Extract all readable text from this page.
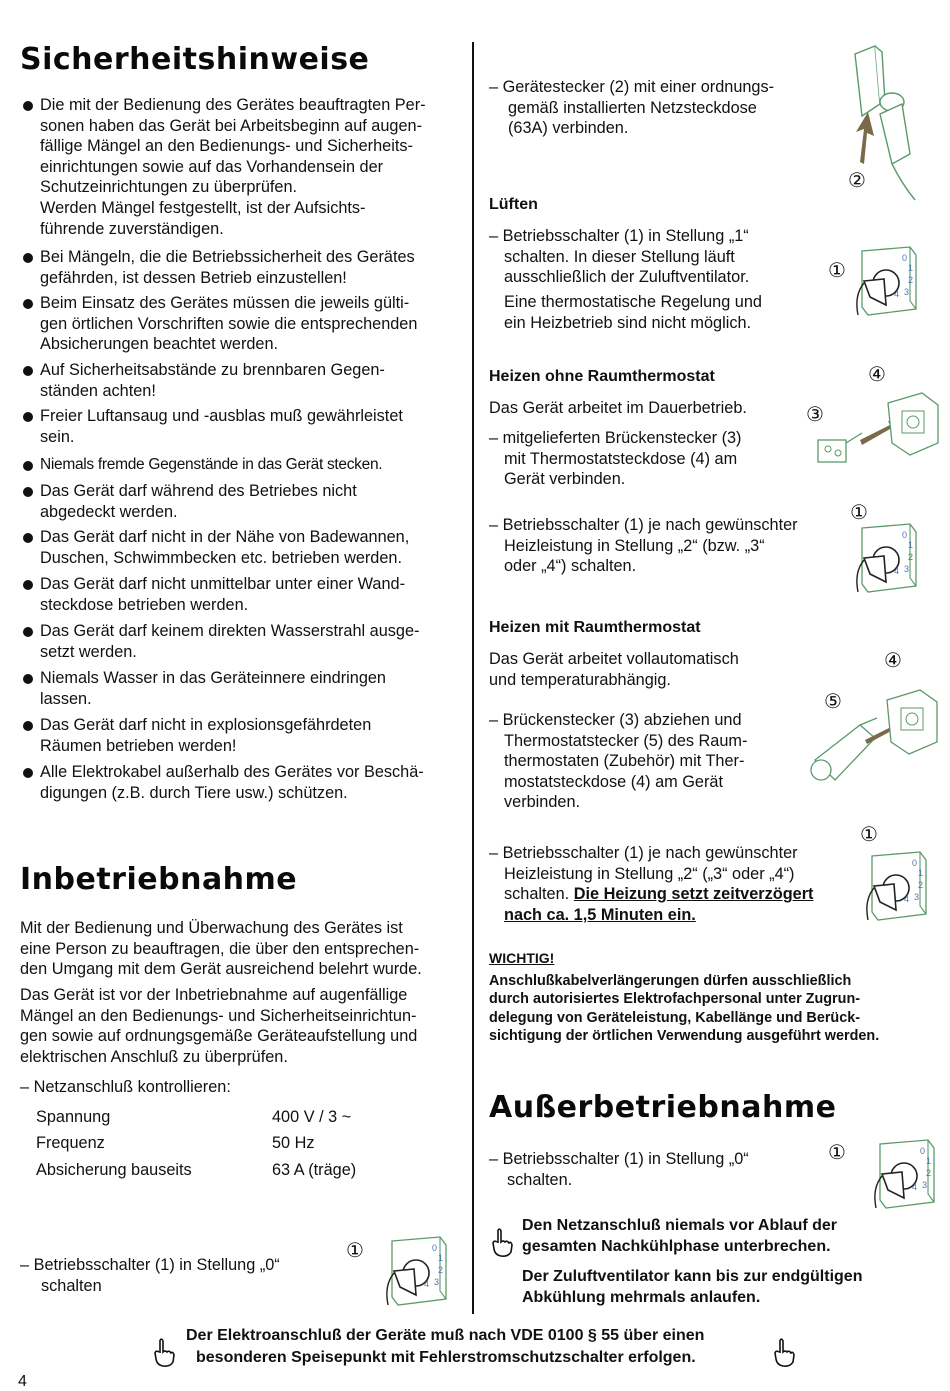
Sicherheitshinweise
Die mit der Bedienung des Gerätes beauftragten Per-
sonen haben das Gerät bei Arbeitsbeginn auf augen-
fällige Mängel an den Bedienungs- und Sicherheits-
einrichtungen sowie auf das Vorhandensein der
Schutzeinrichtungen zu überprüfen.
Werden Mängel festgestellt, ist der Aufsichts-
führende zuverständigen.
Bei Mängeln, die die Betriebssicherheit des Gerätes
gefährden, ist dessen Betrieb einzustellen!
Beim Einsatz des Gerätes müssen die jeweils gülti-
gen örtlichen Vorschriften sowie die entsprechenden
Absicherungen beachtet werden.
Auf Sicherheitsabstände zu brennbaren Gegen-
ständen achten!
Freier Luftansaug und -ausblas muß gewährleistet
sein.
Niemals fremde Gegenstände in das Gerät stecken.
Das Gerät darf während des Betriebes nicht
abgedeckt werden.
Das Gerät darf nicht in der Nähe von Badewannen,
Duschen, Schwimmbecken etc. betrieben werden.
Das Gerät darf nicht unmittelbar unter einer Wand-
steckdose betrieben werden.
Das Gerät darf keinem direkten Wasserstrahl ausge-
setzt werden.
Niemals Wasser in das Geräteinnere eindringen
lassen.
Das Gerät darf nicht in explosionsgefährdeten
Räumen betrieben werden!
Alle Elektrokabel außerhalb des Gerätes vor Beschä-
digungen (z.B. durch Tiere usw.) schützen.
Inbetriebnahme
Mit der Bedienung und Überwachung des Gerätes ist
eine Person zu beauftragen, die über den entsprechen-
den Umgang mit dem Gerät ausreichend belehrt wurde.
Das Gerät ist vor der Inbetriebnahme auf augenfällige
Mängel an den Bedienungs- und Sicherheitseinrichtun-
gen sowie auf ordnungsgemäße Geräteaufstellung und
elektrischen Anschluß zu überprüfen.
– Netzanschluß kontrollieren:
Spannung	400 V / 3 ~
Frequenz	50 Hz
Absicherung bauseits	63 A (träge)
– Betriebsschalter (1) in Stellung „0“
schalten
– Gerätestecker (2) mit einer ordnungs-
gemäß installierten Netzsteckdose
(63A) verbinden.
Lüften
– Betriebsschalter (1) in Stellung „1“
schalten. In dieser Stellung läuft
ausschließlich der Zuluftventilator.
Eine thermostatische Regelung und
ein Heizbetrieb sind nicht möglich.
Heizen ohne Raumthermostat
Das Gerät arbeitet im Dauerbetrieb.
– mitgelieferten Brückenstecker (3)
mit Thermostatsteckdose (4) am
Gerät verbinden.
– Betriebsschalter (1) je nach gewünschter
Heizleistung in Stellung „2“ (bzw. „3“
oder „4“) schalten.
Heizen mit Raumthermostat
Das Gerät arbeitet vollautomatisch
und temperaturabhängig.
– Brückenstecker (3) abziehen und
Thermostatstecker (5) des Raum-
thermostaten (Zubehör) mit Ther-
mostatsteckdose (4) am Gerät
verbinden.
– Betriebsschalter (1) je nach gewünschter
Heizleistung in Stellung „2“ („3“ oder „4“)
schalten. Die Heizung setzt zeitverzögert
nach ca. 1,5 Minuten ein.
WICHTIG!
Anschlußkabelverlängerungen dürfen ausschließlich
durch autorisiertes Elektrofachpersonal unter Zugrun-
delegung von Geräteleistung, Kabellänge und Berück-
sichtigung der örtlichen Verwendung ausgeführt werden.
Außerbetriebnahme
– Betriebsschalter (1) in Stellung „0“
schalten.
Den Netzanschluß niemals vor Ablauf der
gesamten Nachkühlphase unterbrechen.
Der Zuluftventilator kann bis zur endgültigen
Abkühlung mehrmals anlaufen.
Der Elektroanschluß der Geräte muß nach VDE 0100 § 55 über einen
besonderen Speisepunkt mit Fehlerstromschutzschalter erfolgen.
4
②
0
1
2
3
4
①
0
1
2
3
4
①
0
1
2
3
4
①
0
1
2
3
4
①
0
1
2
3
4
①
③
④
⑤
④
